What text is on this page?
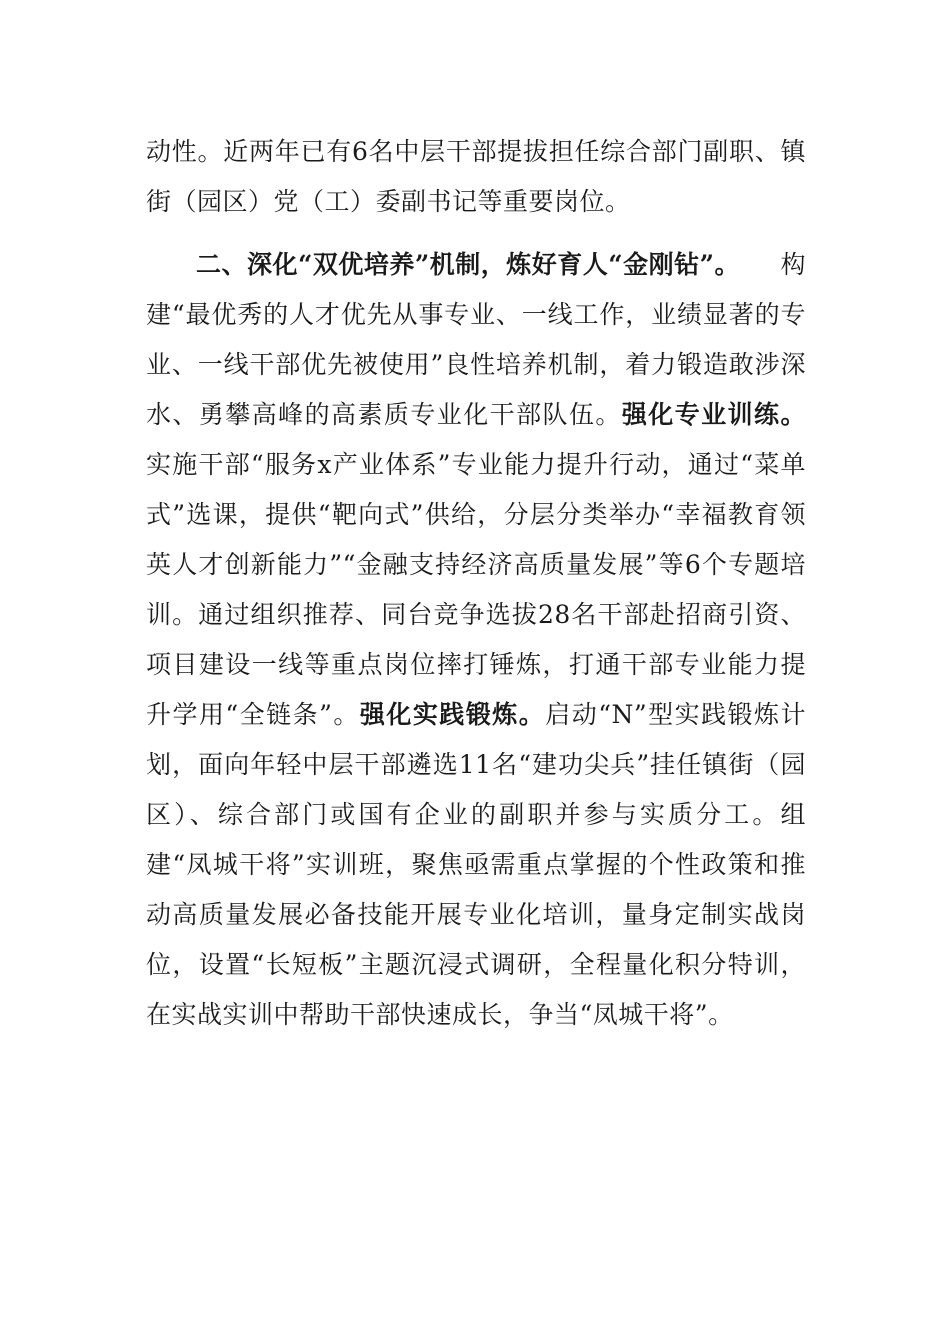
动性。近两年已有6名中层干部提拔担任综合部门副职、镇街（园区）党（工）委副书记等重要岗位。

二、深化“双优培养”机制，炼好育人“金刚钻”。构建“最优秀的人才优先从事专业、一线工作，业绩显著的专业、一线干部优先被使用”良性培养机制，着力锻造敢涉深水、勇攀高峰的高素质专业化干部队伍。强化专业训练。实施干部“服务x产业体系”专业能力提升行动，通过“菜单式”选课，提供“靶向式”供给，分层分类举办“幸福教育领英人才创新能力”“金融支持经济高质量发展”等6个专题培训。通过组织推荐、同台竞争选拔28名干部赴招商引资、项目建设一线等重点岗位摔打锤炼，打通干部专业能力提升学用“全链条”。强化实践锻炼。启动“N”型实践锻炼计划，面向年轻中层干部遴选11名“建功尖兵”挂任镇街（园区）、综合部门或国有企业的副职并参与实质分工。组建“凤城干将”实训班，聚焦亟需重点掌握的个性政策和推动高质量发展必备技能开展专业化培训，量身定制实战岗位，设置“长短板”主题沉浸式调研，全程量化积分特训，在实战实训中帮助干部快速成长，争当“凤城干将”。
